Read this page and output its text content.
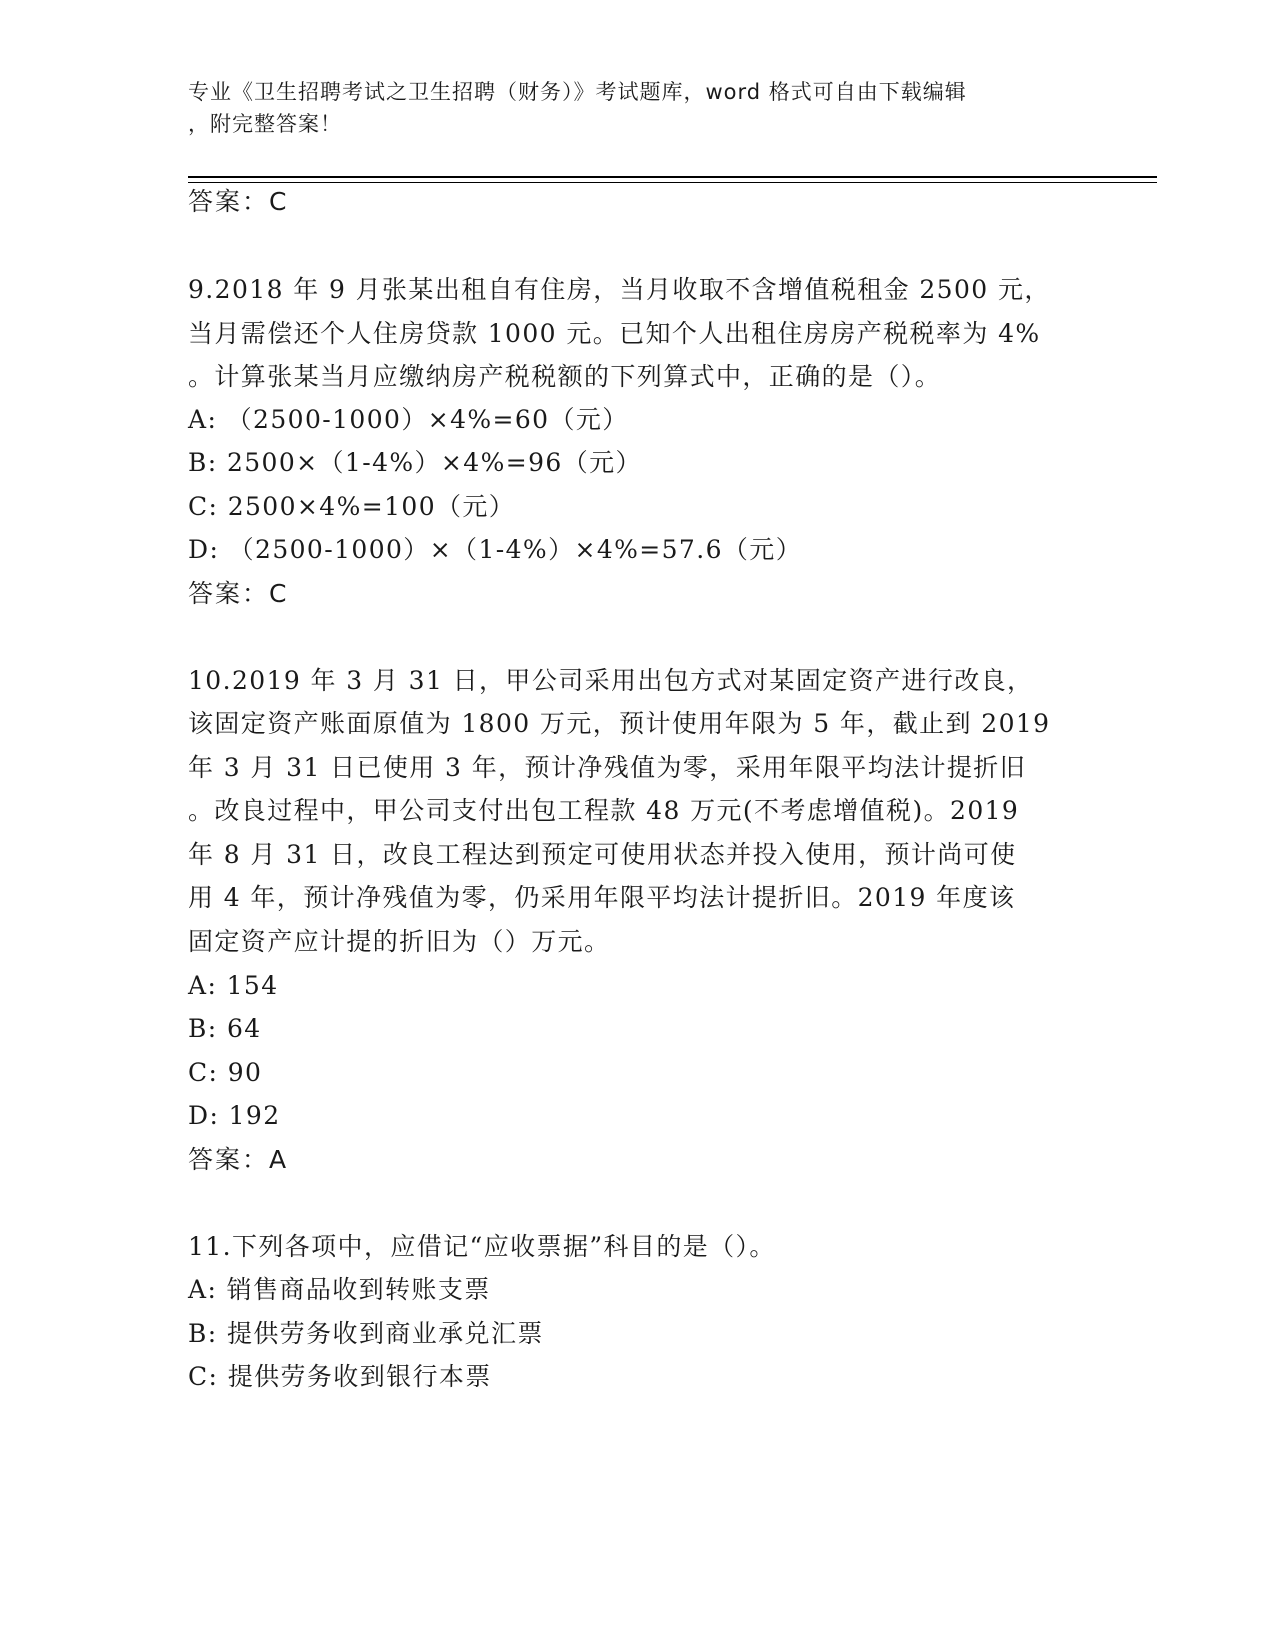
专业《卫生招聘考试之卫生招聘（财务）》考试题库，word 格式可自由下载编辑
，附完整答案！
答案：C
9.2018 年 9 月张某出租自有住房，当月收取不含增值税租金 2500 元，
当月需偿还个人住房贷款 1000 元。已知个人出租住房房产税税率为 4%
。计算张某当月应缴纳房产税税额的下列算式中，正确的是（）。
A: （2500-1000）×4%=60（元）
B: 2500×（1-4%）×4%=96（元）
C: 2500×4%=100（元）
D: （2500-1000）×（1-4%）×4%=57.6（元）
答案：C
10.2019 年 3 月 31 日，甲公司采用出包方式对某固定资产进行改良，
该固定资产账面原值为 1800 万元，预计使用年限为 5 年，截止到 2019
年 3 月 31 日已使用 3 年，预计净残值为零，采用年限平均法计提折旧
。改良过程中，甲公司支付出包工程款 48 万元(不考虑增值税)。2019
年 8 月 31 日，改良工程达到预定可使用状态并投入使用，预计尚可使
用 4 年，预计净残值为零，仍采用年限平均法计提折旧。2019 年度该
固定资产应计提的折旧为（）万元。
A: 154
B: 64
C: 90
D: 192
答案：A
11.下列各项中，应借记“应收票据”科目的是（）。
A: 销售商品收到转账支票
B: 提供劳务收到商业承兑汇票
C: 提供劳务收到银行本票
